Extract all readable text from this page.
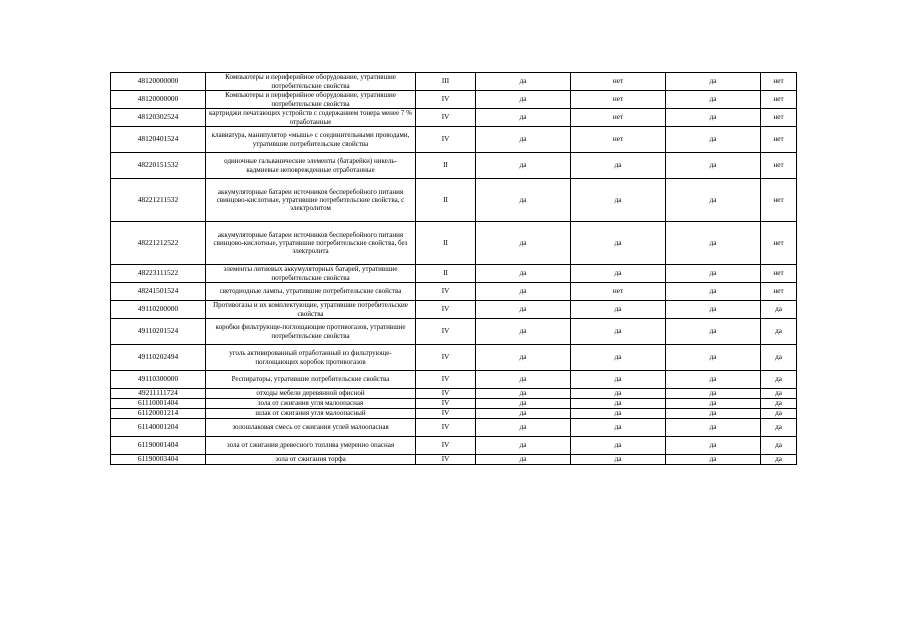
48120000000	Компьютеры и периферийное оборудование, утратившие потребительские свойства	III	да	нет	да	нет
48120000000	Компьютеры и периферийное оборудование, утратившие потребительские свойства	IV	да	нет	да	нет
48120302524	картриджи печатающих устройств с содержанием тонера менее 7 % отработанные	IV	да	нет	да	нет
48120401524	клавиатура, манипулятор «мышь» с соединительными проводами, утратившие потребительские свойства	IV	да	нет	да	нет
48220151532	одиночные гальванические элементы (батарейки) никель-кадмиевые неповрежденные отработанные	II	да	да	да	нет
48221211532	аккумуляторные батареи источников бесперебойного питания свинцово-кислотные, утратившие потребительские свойства, с электролитом	II	да	да	да	нет
48221212522	аккумуляторные батареи источников бесперебойного питания свинцово-кислотные, утратившие потребительские свойства, без электролита	II	да	да	да	нет
48223111522	элементы литиевых аккумуляторных батарей, утратившие потребительские свойства	II	да	да	да	нет
48241501524	светодиодные лампы, утратившие потребительские свойства	IV	да	нет	да	нет
49110200000	Противогазы и их комплектующие, утратившие потребительские свойства	IV	да	да	да	да
49110201524	коробки фильтрующе-поглощающие противогазов, утратившие потребительские свойства	IV	да	да	да	да
49110202494	уголь активированный отработанный из фильтрующе-поглощающих коробок противогазов	IV	да	да	да	да
49110300000	Респираторы, утратившие потребительские свойства	IV	да	да	да	да
49211111724	отходы мебели деревянной офисной	IV	да	да	да	да
61110001404	зола от сжигания угля малоопасная	IV	да	да	да	да
61120001214	шлак от сжигания угля малоопасный	IV	да	да	да	да
61140001204	золошлаковая смесь от сжигания углей малоопасная	IV	да	да	да	да
61190001404	зола от сжигания древесного топлива умеренно опасная	IV	да	да	да	да
61190003404	зола от сжигания торфа	IV	да	да	да	да
